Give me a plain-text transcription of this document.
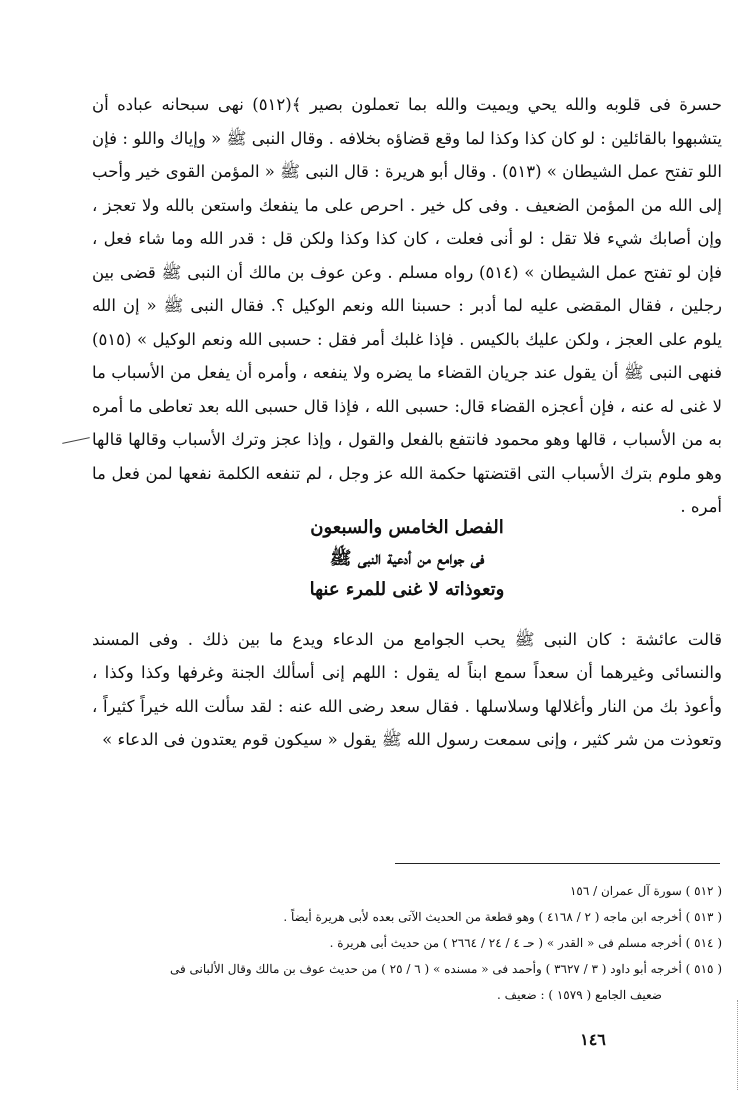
حسرة فى قلوبه والله يحي ويميت والله بما تعملون بصير ﴾(٥١٢) نهى سبحانه عباده أن يتشبهوا بالقائلين : لو كان كذا وكذا لما وقع قضاؤه بخلافه . وقال النبى ﷺ « وإياك واللو : فإن اللو تفتح عمل الشيطان » (٥١٣) . وقال أبو هريرة : قال النبى ﷺ « المؤمن القوى خير وأحب إلى الله من المؤمن الضعيف . وفى كل خير . احرص على ما ينفعك واستعن بالله ولا تعجز ، وإن أصابك شيء فلا تقل : لو أنى فعلت ، كان كذا وكذا ولكن قل : قدر الله وما شاء فعل ، فإن لو تفتح عمل الشيطان » (٥١٤) رواه مسلم . وعن عوف بن مالك أن النبى ﷺ قضى بين رجلين ، فقال المقضى عليه لما أدبر : حسبنا الله ونعم الوكيل ؟. فقال النبى ﷺ « إن الله يلوم على العجز ، ولكن عليك بالكيس . فإذا غلبك أمر فقل : حسبى الله ونعم الوكيل » (٥١٥) فنهى النبى ﷺ أن يقول عند جريان القضاء ما يضره ولا ينفعه ، وأمره أن يفعل من الأسباب ما لا غنى له عنه ، فإن أعجزه القضاء قال: حسبى الله ، فإذا قال حسبى الله بعد تعاطى ما أمره به من الأسباب ، قالها وهو محمود فانتفع بالفعل والقول ، وإذا عجز وترك الأسباب وقالها قالها وهو ملوم بترك الأسباب التى اقتضتها حكمة الله عز وجل ، لم تنفعه الكلمة نفعها لمن فعل ما أمره .

الفصل الخامس والسبعون
فى جوامع من أدعية النبى ﷺ
وتعوذاته لا غنى للمرء عنها

قالت عائشة : كان النبى ﷺ يحب الجوامع من الدعاء ويدع ما بين ذلك . وفى المسند والنسائى وغيرهما أن سعداً سمع ابناً له يقول : اللهم إنى أسألك الجنة وغرفها وكذا وكذا ، وأعوذ بك من النار وأغلالها وسلاسلها . فقال سعد رضى الله عنه : لقد سألت الله خيراً كثيراً ، وتعوذت من شر كثير ، وإنى سمعت رسول الله ﷺ يقول « سيكون قوم يعتدون فى الدعاء »

( ٥١٢ ) سورة آل عمران / ١٥٦

( ٥١٣ ) أخرجه ابن ماجه ( ٢ / ٤١٦٨ ) وهو قطعة من الحديث الآتى بعده لأبى هريرة أيضاً .

( ٥١٤ ) أخرجه مسلم فى « القدر » ( حـ ٤ / ٢٤ / ٢٦٦٤ ) من حديث أبى هريرة .

( ٥١٥ ) أخرجه أبو داود ( ٣ / ٣٦٢٧ ) وأحمد فى « مسنده » ( ٦ / ٢٥ ) من حديث عوف بن مالك وقال الألبانى فى

ضعيف الجامع ( ١٥٧٩ ) : ضعيف .

١٤٦
